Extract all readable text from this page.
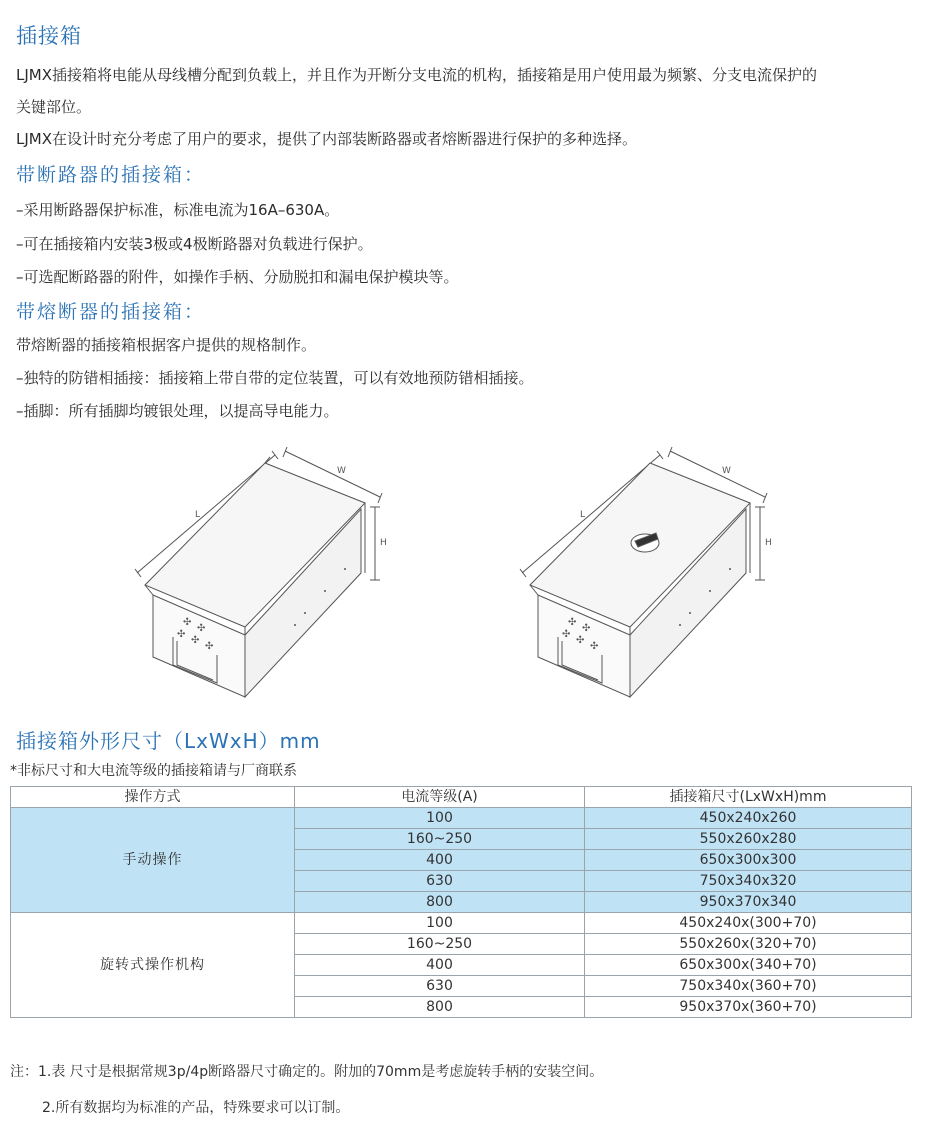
插接箱
LJMX插接箱将电能从母线槽分配到负载上，并且作为开断分支电流的机构，插接箱是用户使用最为频繁、分支电流保护的
关键部位。
LJMX在设计时充分考虑了用户的要求，提供了内部装断路器或者熔断器进行保护的多种选择。
带断路器的插接箱：
–采用断路器保护标准，标准电流为16A–630A。
–可在插接箱内安装3极或4极断路器对负载进行保护。
–可选配断路器的附件，如操作手柄、分励脱扣和漏电保护模块等。
带熔断器的插接箱：
带熔断器的插接箱根据客户提供的规格制作。
–独特的防错相插接：插接箱上带自带的定位装置，可以有效地预防错相插接。
–插脚：所有插脚均镀银处理，以提高导电能力。
L
W
H
✣
✣
✣
✣
✣
L
W
H
✣
✣
✣
✣
✣
插接箱外形尺寸（LxWxH）mm
*非标尺寸和大电流等级的插接箱请与厂商联系
操作方式	电流等级(A)	插接箱尺寸(LxWxH)mm
手动操作	100	450x240x260
	160~250	550x260x280
	400	650x300x300
	630	750x340x320
	800	950x370x340
旋转式操作机构	100	450x240x(300+70)
	160~250	550x260x(320+70)
	400	650x300x(340+70)
	630	750x340x(360+70)
	800	950x370x(360+70)
注：1.表 尺寸是根据常规3p/4p断路器尺寸确定的。附加的70mm是考虑旋转手柄的安装空间。
2.所有数据均为标准的产品，特殊要求可以订制。
